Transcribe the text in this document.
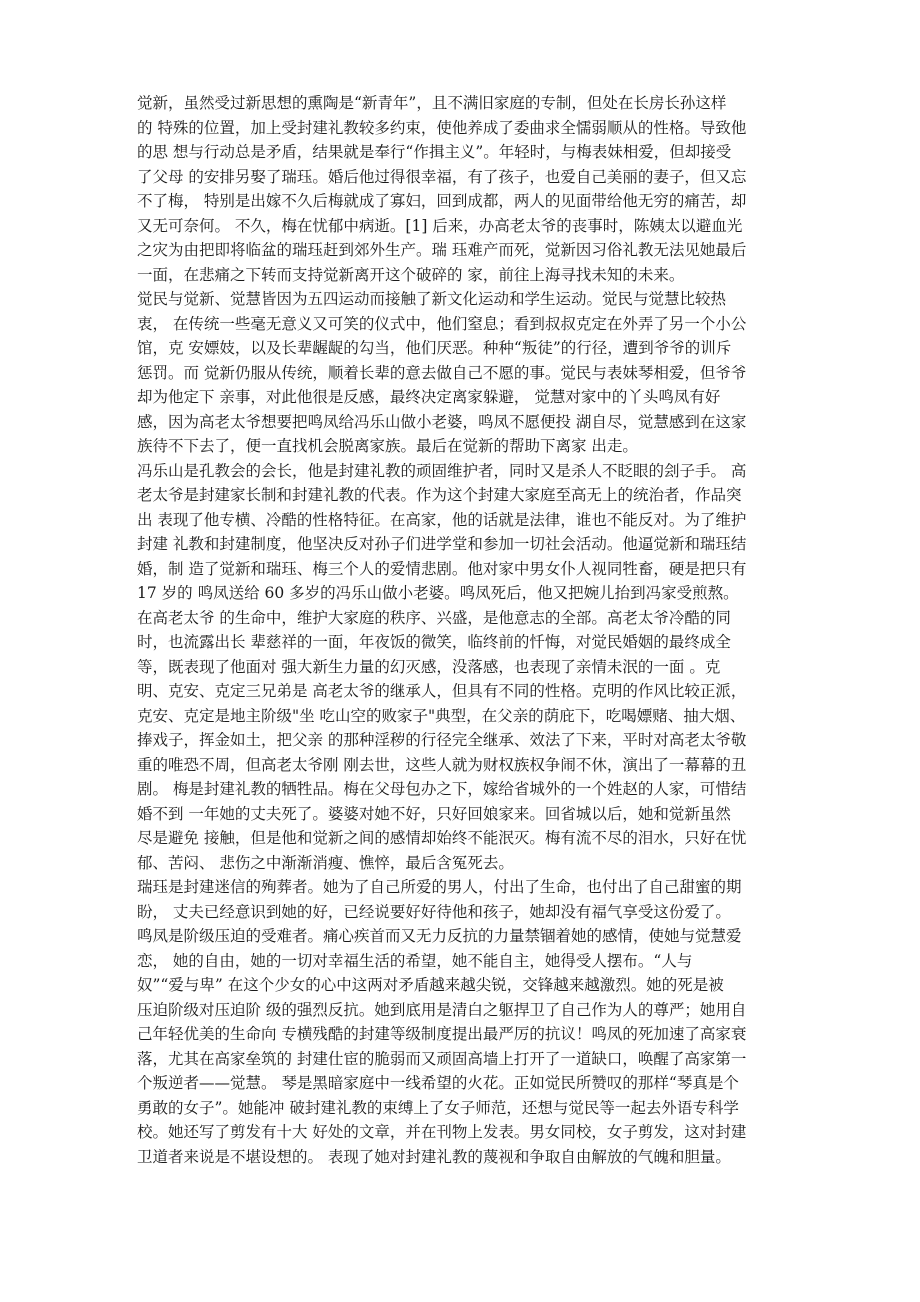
觉新，虽然受过新思想的熏陶是“新青年”，且不满旧家庭的专制，但处在长房长孙这样
的 特殊的位置，加上受封建礼教较多约束，使他养成了委曲求全懦弱顺从的性格。导致他
的思 想与行动总是矛盾，结果就是奉行“作揖主义”。年轻时，与梅表妹相爱，但却接受
了父母 的安排另娶了瑞珏。婚后他过得很幸福，有了孩子，也爱自己美丽的妻子，但又忘
不了梅， 特别是出嫁不久后梅就成了寡妇，回到成都，两人的见面带给他无穷的痛苦，却
又无可奈何。 不久，梅在忧郁中病逝。[1] 后来，办高老太爷的丧事时，陈姨太以避血光
之灾为由把即将临盆的瑞珏赶到郊外生产。瑞 珏难产而死，觉新因习俗礼教无法见她最后
一面，在悲痛之下转而支持觉新离开这个破碎的 家，前往上海寻找未知的未来。
觉民与觉新、觉慧皆因为五四运动而接触了新文化运动和学生运动。觉民与觉慧比较热
衷， 在传统一些毫无意义又可笑的仪式中，他们窒息；看到叔叔克定在外弄了另一个小公
馆，克 安嫖妓，以及长辈龌龊的勾当，他们厌恶。种种“叛徒”的行径，遭到爷爷的训斥
惩罚。而 觉新仍服从传统，顺着长辈的意去做自己不愿的事。觉民与表妹琴相爱，但爷爷
却为他定下 亲事，对此他很是反感，最终决定离家躲避， 觉慧对家中的丫头鸣凤有好
感，因为高老太爷想要把鸣凤给冯乐山做小老婆，鸣凤不愿便投 湖自尽，觉慧感到在这家
族待不下去了，便一直找机会脱离家族。最后在觉新的帮助下离家 出走。
冯乐山是孔教会的会长，他是封建礼教的顽固维护者，同时又是杀人不眨眼的刽子手。 高
老太爷是封建家长制和封建礼教的代表。作为这个封建大家庭至高无上的统治者，作品突
出 表现了他专横、冷酷的性格特征。在高家，他的话就是法律，谁也不能反对。为了维护
封建 礼教和封建制度，他坚决反对孙子们进学堂和参加一切社会活动。他逼觉新和瑞珏结
婚，制 造了觉新和瑞珏、梅三个人的爱情悲剧。他对家中男女仆人视同牲畜，硬是把只有
17 岁的 鸣凤送给 60 多岁的冯乐山做小老婆。鸣凤死后，他又把婉儿抬到冯家受煎熬。
在高老太爷 的生命中，维护大家庭的秩序、兴盛，是他意志的全部。高老太爷冷酷的同
时，也流露出长 辈慈祥的一面，年夜饭的微笑，临终前的忏悔，对觉民婚姻的最终成全
等，既表现了他面对 强大新生力量的幻灭感，没落感，也表现了亲情未泯的一面 。克
明、克安、克定三兄弟是 高老太爷的继承人，但具有不同的性格。克明的作风比较正派，
克安、克定是地主阶级"坐 吃山空的败家子"典型，在父亲的荫庇下，吃喝嫖赌、抽大烟、
捧戏子，挥金如土，把父亲 的那种淫秽的行径完全继承、效法了下来，平时对高老太爷敬
重的唯恐不周，但高老太爷刚 刚去世，这些人就为财权族权争闹不休，演出了一幕幕的丑
剧。 梅是封建礼教的牺牲品。梅在父母包办之下，嫁给省城外的一个姓赵的人家，可惜结
婚不到 一年她的丈夫死了。婆婆对她不好，只好回娘家来。回省城以后，她和觉新虽然
尽是避免 接触，但是他和觉新之间的感情却始终不能泯灭。梅有流不尽的泪水，只好在忧
郁、苦闷、 悲伤之中渐渐消瘦、憔悴，最后含冤死去。
瑞珏是封建迷信的殉葬者。她为了自己所爱的男人，付出了生命，也付出了自己甜蜜的期
盼， 丈夫已经意识到她的好，已经说要好好待他和孩子，她却没有福气享受这份爱了。
鸣凤是阶级压迫的受难者。痛心疾首而又无力反抗的力量禁锢着她的感情，使她与觉慧爱
恋， 她的自由，她的一切对幸福生活的希望，她不能自主，她得受人摆布。“人与
奴”“爱与卑” 在这个少女的心中这两对矛盾越来越尖锐，交锋越来越激烈。她的死是被
压迫阶级对压迫阶 级的强烈反抗。她到底用是清白之躯捍卫了自己作为人的尊严；她用自
己年轻优美的生命向 专横残酷的封建等级制度提出最严厉的抗议！鸣凤的死加速了高家衰
落，尤其在高家垒筑的 封建仕宦的脆弱而又顽固高墙上打开了一道缺口，唤醒了高家第一
个叛逆者——觉慧。 琴是黑暗家庭中一线希望的火花。正如觉民所赞叹的那样“琴真是个
勇敢的女子”。她能冲 破封建礼教的束缚上了女子师范，还想与觉民等一起去外语专科学
校。她还写了剪发有十大 好处的文章，并在刊物上发表。男女同校，女子剪发，这对封建
卫道者来说是不堪设想的。 表现了她对封建礼教的蔑视和争取自由解放的气魄和胆量。
